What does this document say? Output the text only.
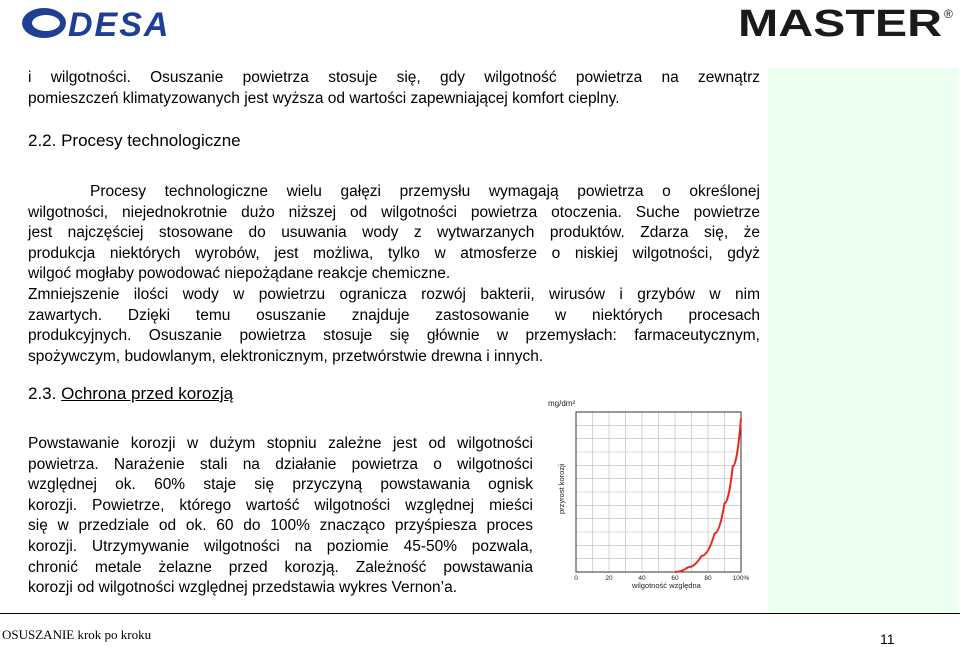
DESA	MASTER ®

i wilgotności. Osuszanie powietrza stosuje się, gdy wilgotność powietrza na zewnątrz

pomieszczeń klimatyzowanych jest wyższa od wartości zapewniającej komfort cieplny.

2.2. Procesy technologiczne

Procesy technologiczne wielu gałęzi przemysłu wymagają powietrza o określonej

wilgotności, niejednokrotnie dużo niższej od wilgotności powietrza otoczenia. Suche powietrze

jest najczęściej stosowane do usuwania wody z wytwarzanych produktów. Zdarza się, że

produkcja niektórych wyrobów, jest możliwa, tylko w atmosferze o niskiej wilgotności, gdyż

wilgoć mogłaby powodować niepożądane reakcje chemiczne.

Zmniejszenie ilości wody w powietrzu ogranicza rozwój bakterii, wirusów i grzybów w nim

zawartych. Dzięki temu osuszanie znajduje zastosowanie w niektórych procesach

produkcyjnych. Osuszanie powietrza stosuje się głównie w przemysłach: farmaceutycznym,

spożywczym, budowlanym, elektronicznym, przetwórstwie drewna i innych.

2.3. Ochrona przed korozją

Powstawanie korozji w dużym stopniu zależne jest od wilgotności

powietrza. Narażenie stali na działanie powietrza o wilgotności

względnej ok. 60% staje się przyczyną powstawania ognisk

korozji. Powietrze, którego wartość wilgotności względnej mieści

się w przedziale od ok. 60 do 100% znacząco przyśpiesza proces

korozji. Utrzymywanie wilgotności na poziomie 45-50% pozwala,

chronić metale żelazne przed korozją. Zależność powstawania

korozji od wilgotności względnej przedstawia wykres Vernon’a.

mg/dm²
przyrost korozji
wilgotność względna
0	20	40	60	80	100%
OSUSZANIE krok po kroku	11
